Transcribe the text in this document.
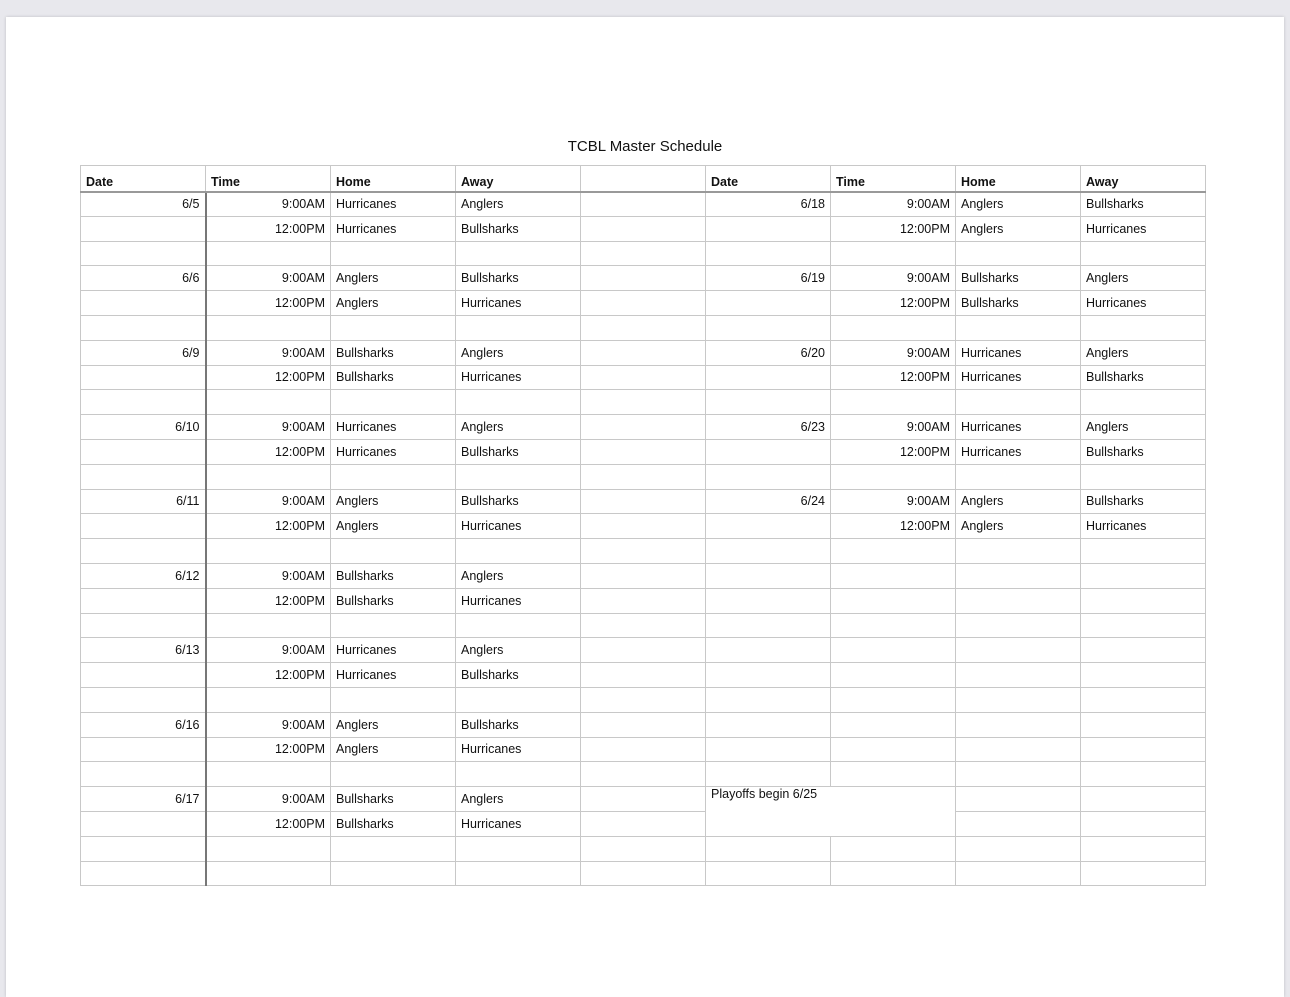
TCBL Master Schedule
Date	Time	Home	Away		Date	Time	Home	Away
6/5	9:00AM	Hurricanes	Anglers		6/18	9:00AM	Anglers	Bullsharks
	12:00PM	Hurricanes	Bullsharks			12:00PM	Anglers	Hurricanes

6/6	9:00AM	Anglers	Bullsharks		6/19	9:00AM	Bullsharks	Anglers
	12:00PM	Anglers	Hurricanes			12:00PM	Bullsharks	Hurricanes

6/9	9:00AM	Bullsharks	Anglers		6/20	9:00AM	Hurricanes	Anglers
	12:00PM	Bullsharks	Hurricanes			12:00PM	Hurricanes	Bullsharks

6/10	9:00AM	Hurricanes	Anglers		6/23	9:00AM	Hurricanes	Anglers
	12:00PM	Hurricanes	Bullsharks			12:00PM	Hurricanes	Bullsharks

6/11	9:00AM	Anglers	Bullsharks		6/24	9:00AM	Anglers	Bullsharks
	12:00PM	Anglers	Hurricanes			12:00PM	Anglers	Hurricanes

6/12	9:00AM	Bullsharks	Anglers					
	12:00PM	Bullsharks	Hurricanes					

6/13	9:00AM	Hurricanes	Anglers					
	12:00PM	Hurricanes	Bullsharks					

6/16	9:00AM	Anglers	Bullsharks					
	12:00PM	Anglers	Hurricanes					

6/17	9:00AM	Bullsharks	Anglers		Playoffs begin 6/25			
	12:00PM	Bullsharks	Hurricanes					
